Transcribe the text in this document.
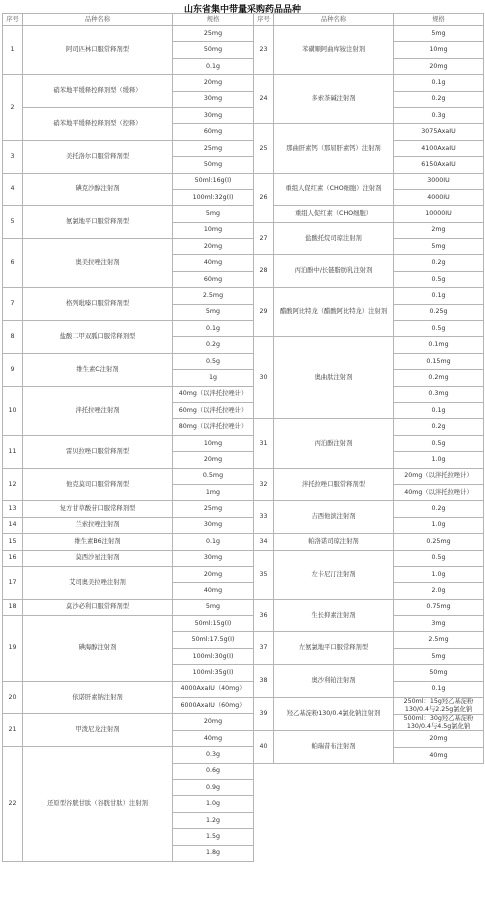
山东省集中带量采购药品品种
序号	品种名称	规格
1	阿司匹林口服常释剂型	25mg
		50mg
		0.1g
2	硝苯地平缓释控释剂型（缓释）	20mg
		30mg
	硝苯地平缓释控释剂型（控释）	30mg
		60mg
3	美托洛尔口服常释剂型	25mg
		50mg
4	碘克沙醇注射剂	50ml:16g(I)
		100ml:32g(I)
5	氨氯地平口服常释剂型	5mg
		10mg
6	奥美拉唑注射剂	20mg
		40mg
		60mg
7	格列吡嗪口服常释剂型	2.5mg
		5mg
8	盐酸二甲双胍口服常释剂型	0.1g
		0.2g
9	维生素C注射剂	0.5g
		1g
10	泮托拉唑注射剂	40mg（以泮托拉唑计）
		60mg（以泮托拉唑计）
		80mg（以泮托拉唑计）
11	雷贝拉唑口服常释剂型	10mg
		20mg
12	他克莫司口服常释剂型	0.5mg
		1mg
13	复方甘草酸苷口服常释剂型	25mg
14	兰索拉唑注射剂	30mg
15	维生素B6注射剂	0.1g
16	莫西沙星注射剂	30mg
17	艾司奥美拉唑注射剂	20mg
		40mg
18	莫沙必利口服常释剂型	5mg
19	碘海醇注射剂	50ml:15g(I)
		50ml:17.5g(I)
		100ml:30g(I)
		100ml:35g(I)
20	依诺肝素钠注射剂	4000AxaIU（40mg）
		6000AxaIU（60mg）
21	甲泼尼龙注射剂	20mg
		40mg
22	还原型谷胱甘肽（谷胱甘肽）注射剂	0.3g
		0.6g
		0.9g
		1.0g
		1.2g
		1.5g
		1.8g
序号	品种名称	规格
23	苯磺顺阿曲库铵注射剂	5mg
		10mg
		20mg
24	多索茶碱注射剂	0.1g
		0.2g
		0.3g
25	那曲肝素钙（那屈肝素钙）注射剂	3075AxaIU
		4100AxaIU
		6150AxaIU
26	重组人促红素（CHO细胞）注射剂	3000IU
		4000IU
	重组人促红素（CHO细胞）	10000IU
27	盐酸托烷司琼注射剂	2mg
		5mg
28	丙泊酚中/长链脂肪乳注射剂	0.2g
		0.5g
29	醋酸阿比特龙（醋酸阿比特龙）注射剂	0.1g
		0.25g
		0.5g
30	奥曲肽注射剂	0.1mg
		0.15mg
		0.2mg
		0.3mg
		0.1g
31	丙泊酚注射剂	0.2g
		0.5g
		1.0g
32	泮托拉唑口服常释剂型	20mg（以泮托拉唑计）
		40mg（以泮托拉唑计）
33	吉西他滨注射剂	0.2g
		1.0g
34	帕洛诺司琼注射剂	0.25mg
35	左卡尼汀注射剂	0.5g
		1.0g
		2.0g
36	生长抑素注射剂	0.75mg
		3mg
37	左氨氯地平口服常释剂型	2.5mg
		5mg
38	奥沙利铂注射剂	50mg
		0.1g
39	羟乙基淀粉130/0.4氯化钠注射剂	250ml：15g羟乙基淀粉130/0.4与2.25g氯化钠
		500ml：30g羟乙基淀粉130/0.4与4.5g氯化钠
40	帕瑞昔布注射剂	20mg
		40mg
